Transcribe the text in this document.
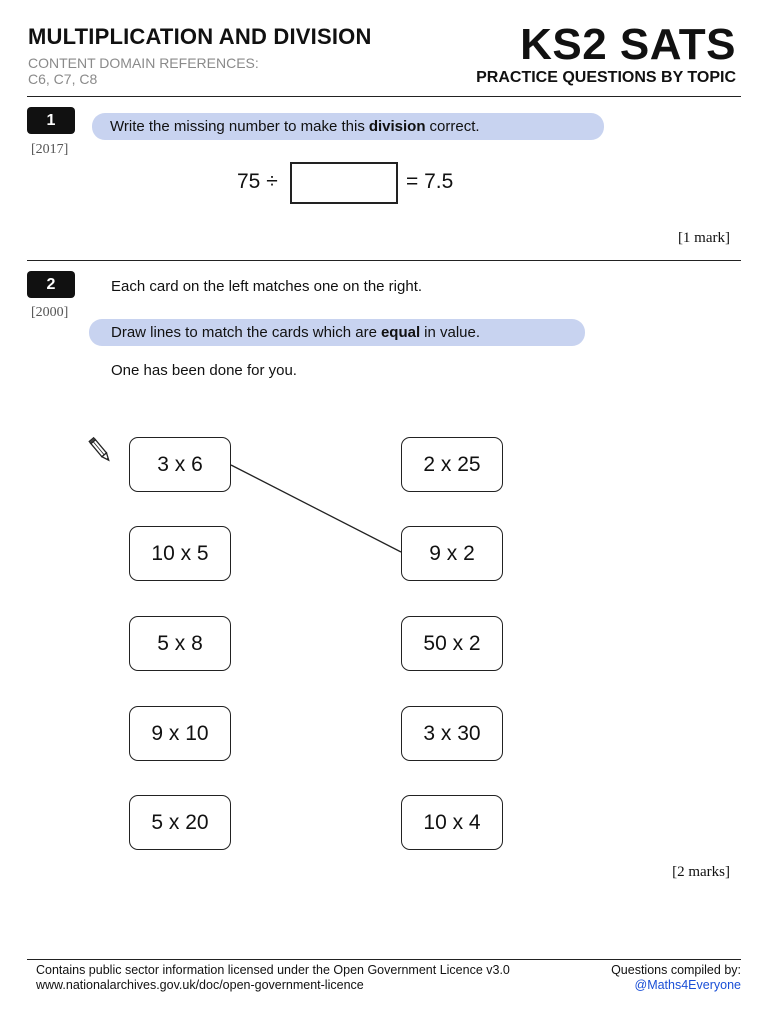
MULTIPLICATION AND DIVISION
CONTENT DOMAIN REFERENCES:
C6, C7, C8
KS2 SATS
PRACTICE QUESTIONS BY TOPIC
1
[2017]
Write the missing number to make this division correct.
75 ÷	= 7.5
[1 mark]
2
[2000]
Each card on the left matches one on the right.
Draw lines to match the cards which are equal in value.
One has been done for you.
3 x 6
10 x 5
5 x 8
9 x 10
5 x 20
2 x 25
9 x 2
50 x 2
3 x 30
10 x 4
[2 marks]
Contains public sector information licensed under the Open Government Licence v3.0
www.nationalarchives.gov.uk/doc/open-government-licence
Questions compiled by:
@Maths4Everyone
